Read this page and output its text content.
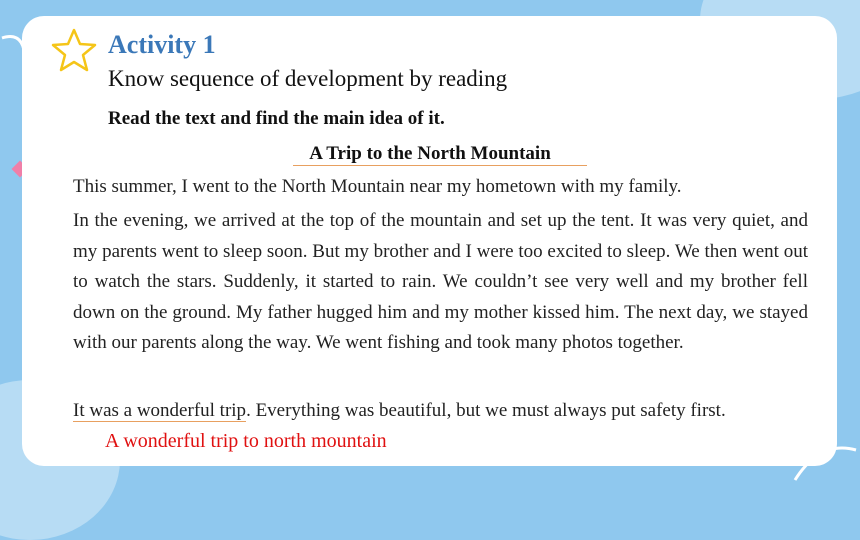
Activity 1
Know sequence of development by reading
Read the text and find the main idea of it.
A Trip to the North Mountain
This summer, I went to the North Mountain near my hometown with my family.
In the evening, we arrived at the top of the mountain and set up the tent. It was very quiet, and my parents went to sleep soon. But my brother and I were too excited to sleep. We then went out to watch the stars. Suddenly, it started to rain. We couldn’t see very well and my brother fell down on the ground. My father hugged him and my mother kissed him. The next day, we stayed with our parents along the way. We went fishing and took many photos together.
It was a wonderful trip. Everything was beautiful, but we must always put safety first.
A wonderful trip to north mountain
